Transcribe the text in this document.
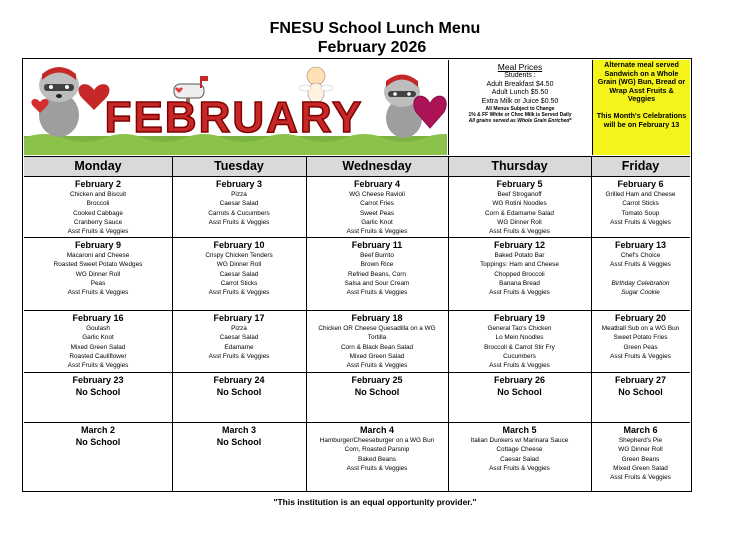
FNESU School Lunch Menu
February 2026
FEBRUARY
Meal Prices
Students :
Adult Breakfast $4.50
Adult Lunch $5.50
Extra Milk or Juice $0.50
All Menus Subject to Change
1% & FF White or Choc Milk is Served Daily
All grains served as Whole Grain Enriched*
Alternate meal served Sandwich on a Whole Grain (WG) Bun, Bread or Wrap Asst Fruits & Veggies
This Month's Celebrations will be on February 13
Monday	Tuesday	Wednesday	Thursday	Friday
February 2
Chicken and Biscuit
Broccoli
Cooked Cabbage
Cranberry Sauce
Asst Fruits & Veggies
February 3
Pizza
Caesar Salad
Carrots & Cucumbers
Asst Fruits & Veggies
February 4
WG Cheese Ravioli
Carrot Fries
Sweet Peas
Garlic Knot
Asst Fruits & Veggies
February 5
Beef Stroganoff
WG Rotini Noodles
Corn & Edamame Salad
WG Dinner Roll
Asst Fruits & Veggies
February 6
Grilled Ham and Cheese
Carrot Sticks
Tomato Soup
Asst Fruits & Veggies
February 9
Macaroni and Cheese
Roasted Sweet Potato Wedges
WG Dinner Roll
Peas
Asst Fruits & Veggies
February 10
Crispy Chicken Tenders
WG Dinner Roll
Caesar Salad
Carrot Sticks
Asst Fruits & Veggies
February 11
Beef Burrito
Brown Rice
Refried Beans, Corn
Salsa and Sour Cream
Asst Fruits & Veggies
February 12
Baked Potato Bar
Toppings: Ham and Cheese
Chopped Broccoli
Banana Bread
Asst Fruits & Veggies
February 13
Chef's Choice
Asst Fruits & Veggies

Birthday Celebration
Sugar Cookie
February 16
Goulash
Garlic Knot
Mixed Green Salad
Roasted Cauliflower
Asst Fruits & Veggies
February 17
Pizza
Caesar Salad
Edamame
Asst Fruits & Veggies
February 18
Chicken OR Cheese Quesadilla on a WG
Tortilla
Corn & Black Bean Salad
Mixed Green Salad
Asst Fruits & Veggies
February 19
General Tao's Chicken
Lo Mein Noodles
Broccoli & Carrot Stir Fry
Cucumbers
Asst Fruits & Veggies
February 20
Meatball Sub on a WG Bun
Sweet Potato Fries
Green Peas
Asst Fruits & Veggies
February 23
No School
February 24
No School
February 25
No School
February 26
No School
February 27
No School
March 2
No School
March 3
No School
March 4
Hamburger/Cheeseburger on a WG Bun
Corn, Roasted Parsnip
Baked Beans
Asst Fruits & Veggies
March 5
Italian Dunkers w/ Marinara Sauce
Cottage Cheese
Caesar Salad
Asst Fruits & Veggies
March 6
Shepherd's Pie
WG Dinner Roll
Green Beans
Mixed Green Salad
Asst Fruits & Veggies
"This institution is an equal opportunity provider."
